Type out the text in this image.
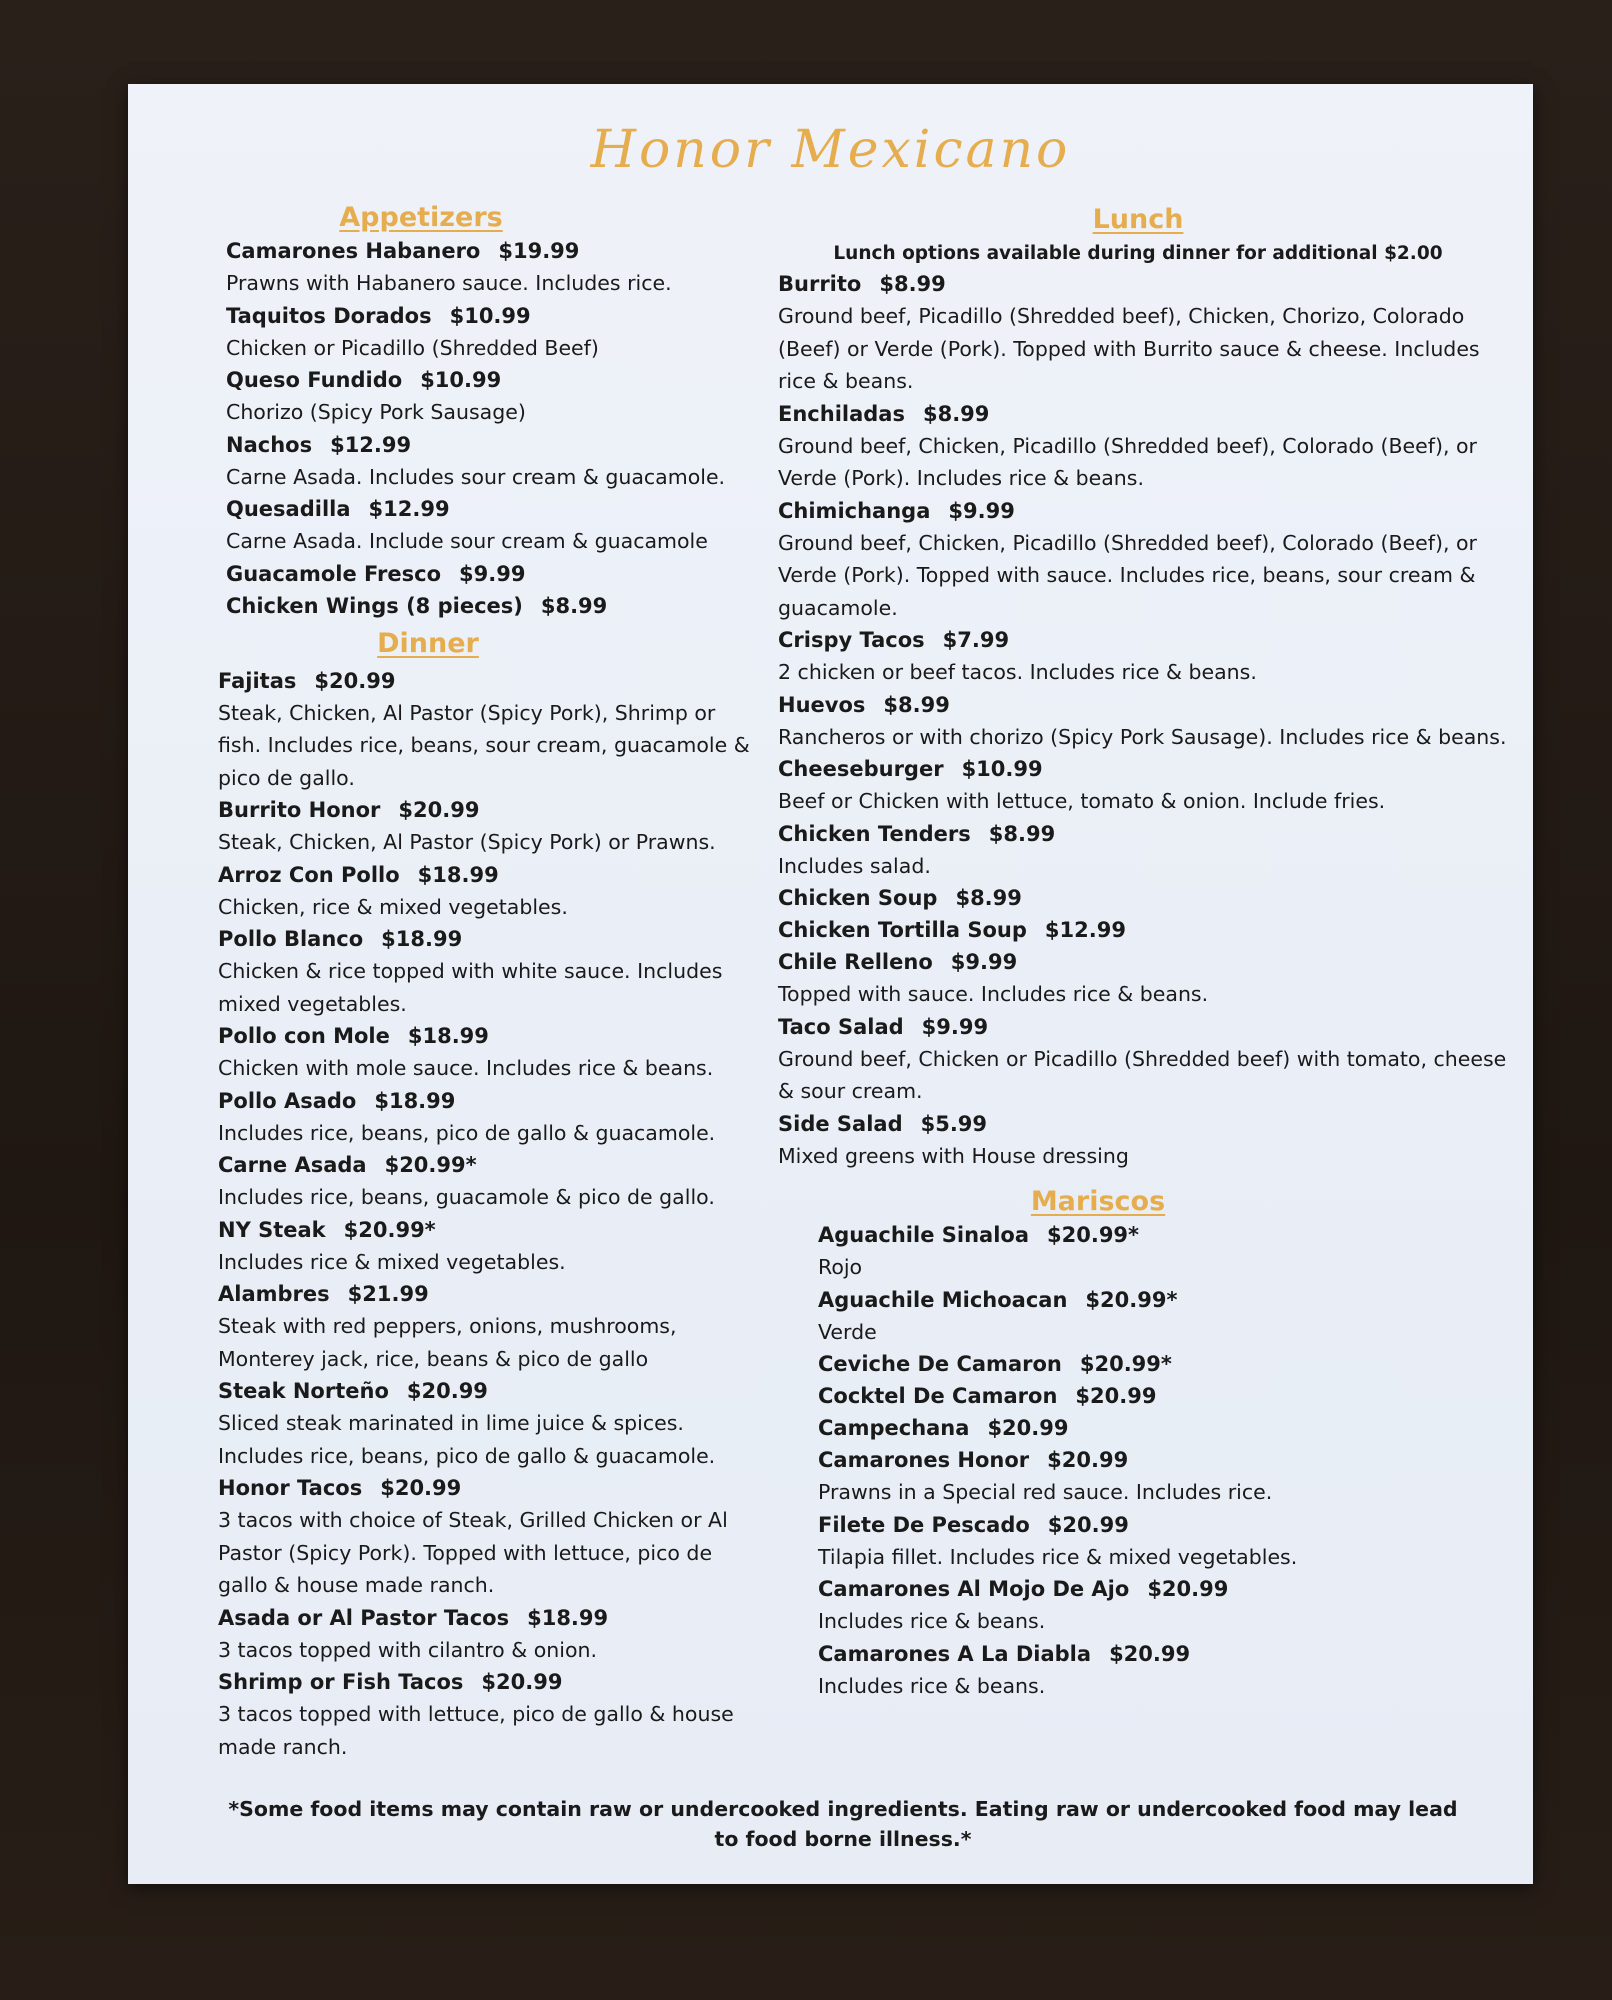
Honor Mexicano
Appetizers
Camarones Habanero $19.99
Prawns with Habanero sauce. Includes rice.
Taquitos Dorados $10.99
Chicken or Picadillo (Shredded Beef)
Queso Fundido $10.99
Chorizo (Spicy Pork Sausage)
Nachos $12.99
Carne Asada. Includes sour cream & guacamole.
Quesadilla $12.99
Carne Asada. Include sour cream & guacamole
Guacamole Fresco $9.99
Chicken Wings (8 pieces) $8.99
Dinner
Fajitas $20.99
Steak, Chicken, Al Pastor (Spicy Pork), Shrimp or fish. Includes rice, beans, sour cream, guacamole & pico de gallo.
Burrito Honor $20.99
Steak, Chicken, Al Pastor (Spicy Pork) or Prawns.
Arroz Con Pollo $18.99
Chicken, rice & mixed vegetables.
Pollo Blanco $18.99
Chicken & rice topped with white sauce. Includes mixed vegetables.
Pollo con Mole $18.99
Chicken with mole sauce. Includes rice & beans.
Pollo Asado $18.99
Includes rice, beans, pico de gallo & guacamole.
Carne Asada $20.99*
Includes rice, beans, guacamole & pico de gallo.
NY Steak $20.99*
Includes rice & mixed vegetables.
Alambres $21.99
Steak with red peppers, onions, mushrooms, Monterey jack, rice, beans & pico de gallo
Steak Norteño $20.99
Sliced steak marinated in lime juice & spices. Includes rice, beans, pico de gallo & guacamole.
Honor Tacos $20.99
3 tacos with choice of Steak, Grilled Chicken or Al Pastor (Spicy Pork). Topped with lettuce, pico de gallo & house made ranch.
Asada or Al Pastor Tacos $18.99
3 tacos topped with cilantro & onion.
Shrimp or Fish Tacos $20.99
3 tacos topped with lettuce, pico de gallo & house made ranch.
Lunch
Lunch options available during dinner for additional $2.00
Burrito $8.99
Ground beef, Picadillo (Shredded beef), Chicken, Chorizo, Colorado (Beef) or Verde (Pork). Topped with Burrito sauce & cheese. Includes rice & beans.
Enchiladas $8.99
Ground beef, Chicken, Picadillo (Shredded beef), Colorado (Beef), or Verde (Pork). Includes rice & beans.
Chimichanga $9.99
Ground beef, Chicken, Picadillo (Shredded beef), Colorado (Beef), or Verde (Pork). Topped with sauce. Includes rice, beans, sour cream & guacamole.
Crispy Tacos $7.99
2 chicken or beef tacos. Includes rice & beans.
Huevos $8.99
Rancheros or with chorizo (Spicy Pork Sausage). Includes rice & beans.
Cheeseburger $10.99
Beef or Chicken with lettuce, tomato & onion. Include fries.
Chicken Tenders $8.99
Includes salad.
Chicken Soup $8.99
Chicken Tortilla Soup $12.99
Chile Relleno $9.99
Topped with sauce. Includes rice & beans.
Taco Salad $9.99
Ground beef, Chicken or Picadillo (Shredded beef) with tomato, cheese & sour cream.
Side Salad $5.99
Mixed greens with House dressing
Mariscos
Aguachile Sinaloa $20.99*
Rojo
Aguachile Michoacan $20.99*
Verde
Ceviche De Camaron $20.99*
Cocktel De Camaron $20.99
Campechana $20.99
Camarones Honor $20.99
Prawns in a Special red sauce. Includes rice.
Filete De Pescado $20.99
Tilapia fillet. Includes rice & mixed vegetables.
Camarones Al Mojo De Ajo $20.99
Includes rice & beans.
Camarones A La Diabla $20.99
Includes rice & beans.
*Some food items may contain raw or undercooked ingredients. Eating raw or undercooked food may lead to food borne illness.*
